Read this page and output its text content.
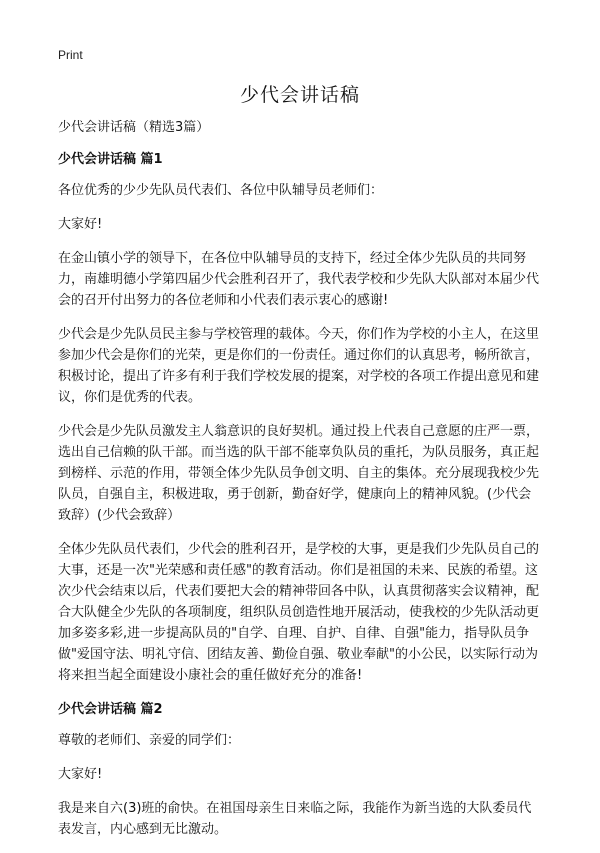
Print
少代会讲话稿

少代会讲话稿（精选3篇）

少代会讲话稿 篇1

各位优秀的少少先队员代表们、各位中队辅导员老师们：

大家好!

在金山镇小学的领导下，在各位中队辅导员的支持下，经过全体少先队员的共同努力，南雄明德小学第四届少代会胜利召开了，我代表学校和少先队大队部对本届少代会的召开付出努力的各位老师和小代表们表示衷心的感谢!

少代会是少先队员民主参与学校管理的载体。今天，你们作为学校的小主人，在这里参加少代会是你们的光荣，更是你们的一份责任。通过你们的认真思考，畅所欲言，积极讨论，提出了许多有利于我们学校发展的提案，对学校的各项工作提出意见和建议，你们是优秀的代表。

少代会是少先队员激发主人翁意识的良好契机。通过投上代表自己意愿的庄严一票，选出自己信赖的队干部。而当选的队干部不能辜负队员的重托，为队员服务，真正起到榜样、示范的作用，带领全体少先队员争创文明、自主的集体。充分展现我校少先队员，自强自主，积极进取，勇于创新，勤奋好学，健康向上的精神风貌。(少代会致辞）(少代会致辞）

全体少先队员代表们，少代会的胜利召开，是学校的大事，更是我们少先队员自己的大事，还是一次"光荣感和责任感"的教育活动。你们是祖国的未来、民族的希望。这次少代会结束以后，代表们要把大会的精神带回各中队，认真贯彻落实会议精神，配合大队健全少先队的各项制度，组织队员创造性地开展活动，使我校的少先队活动更加多姿多彩,进一步提高队员的"自学、自理、自护、自律、自强"能力，指导队员争做"爱国守法、明礼守信、团结友善、勤俭自强、敬业奉献"的小公民，以实际行动为将来担当起全面建设小康社会的重任做好充分的准备!

少代会讲话稿 篇2

尊敬的老师们、亲爱的同学们：

大家好!

我是来自六(3)班的俞快。在祖国母亲生日来临之际，我能作为新当选的大队委员代表发言，内心感到无比激动。
